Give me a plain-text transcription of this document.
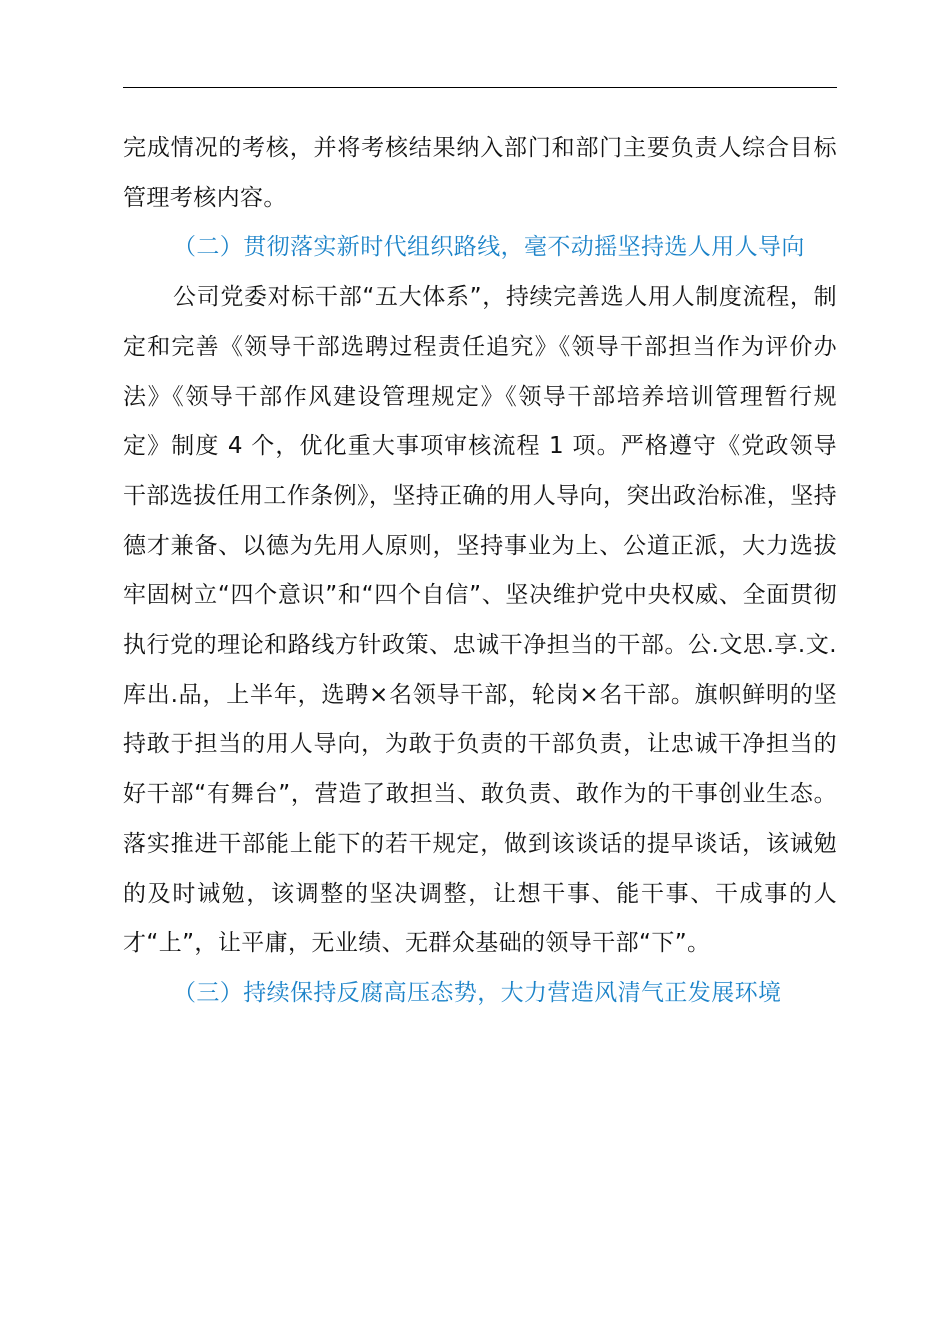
完成情况的考核，并将考核结果纳入部门和部门主要负责人综合目标管理考核内容。

（二）贯彻落实新时代组织路线，毫不动摇坚持选人用人导向

公司党委对标干部“五大体系”，持续完善选人用人制度流程，制定和完善《领导干部选聘过程责任追究》《领导干部担当作为评价办法》《领导干部作风建设管理规定》《领导干部培养培训管理暂行规定》制度 4 个，优化重大事项审核流程 1 项。严格遵守《党政领导干部选拔任用工作条例》，坚持正确的用人导向，突出政治标准，坚持德才兼备、以德为先用人原则，坚持事业为上、公道正派，大力选拔牢固树立“四个意识”和“四个自信”、坚决维护党中央权威、全面贯彻执行党的理论和路线方针政策、忠诚干净担当的干部。公.文思.享.文.库出.品，上半年，选聘×名领导干部，轮岗×名干部。旗帜鲜明的坚持敢于担当的用人导向，为敢于负责的干部负责，让忠诚干净担当的好干部“有舞台”，营造了敢担当、敢负责、敢作为的干事创业生态。落实推进干部能上能下的若干规定，做到该谈话的提早谈话，该诫勉的及时诫勉，该调整的坚决调整，让想干事、能干事、干成事的人才“上”，让平庸，无业绩、无群众基础的领导干部“下”。

（三）持续保持反腐高压态势，大力营造风清气正发展环境
